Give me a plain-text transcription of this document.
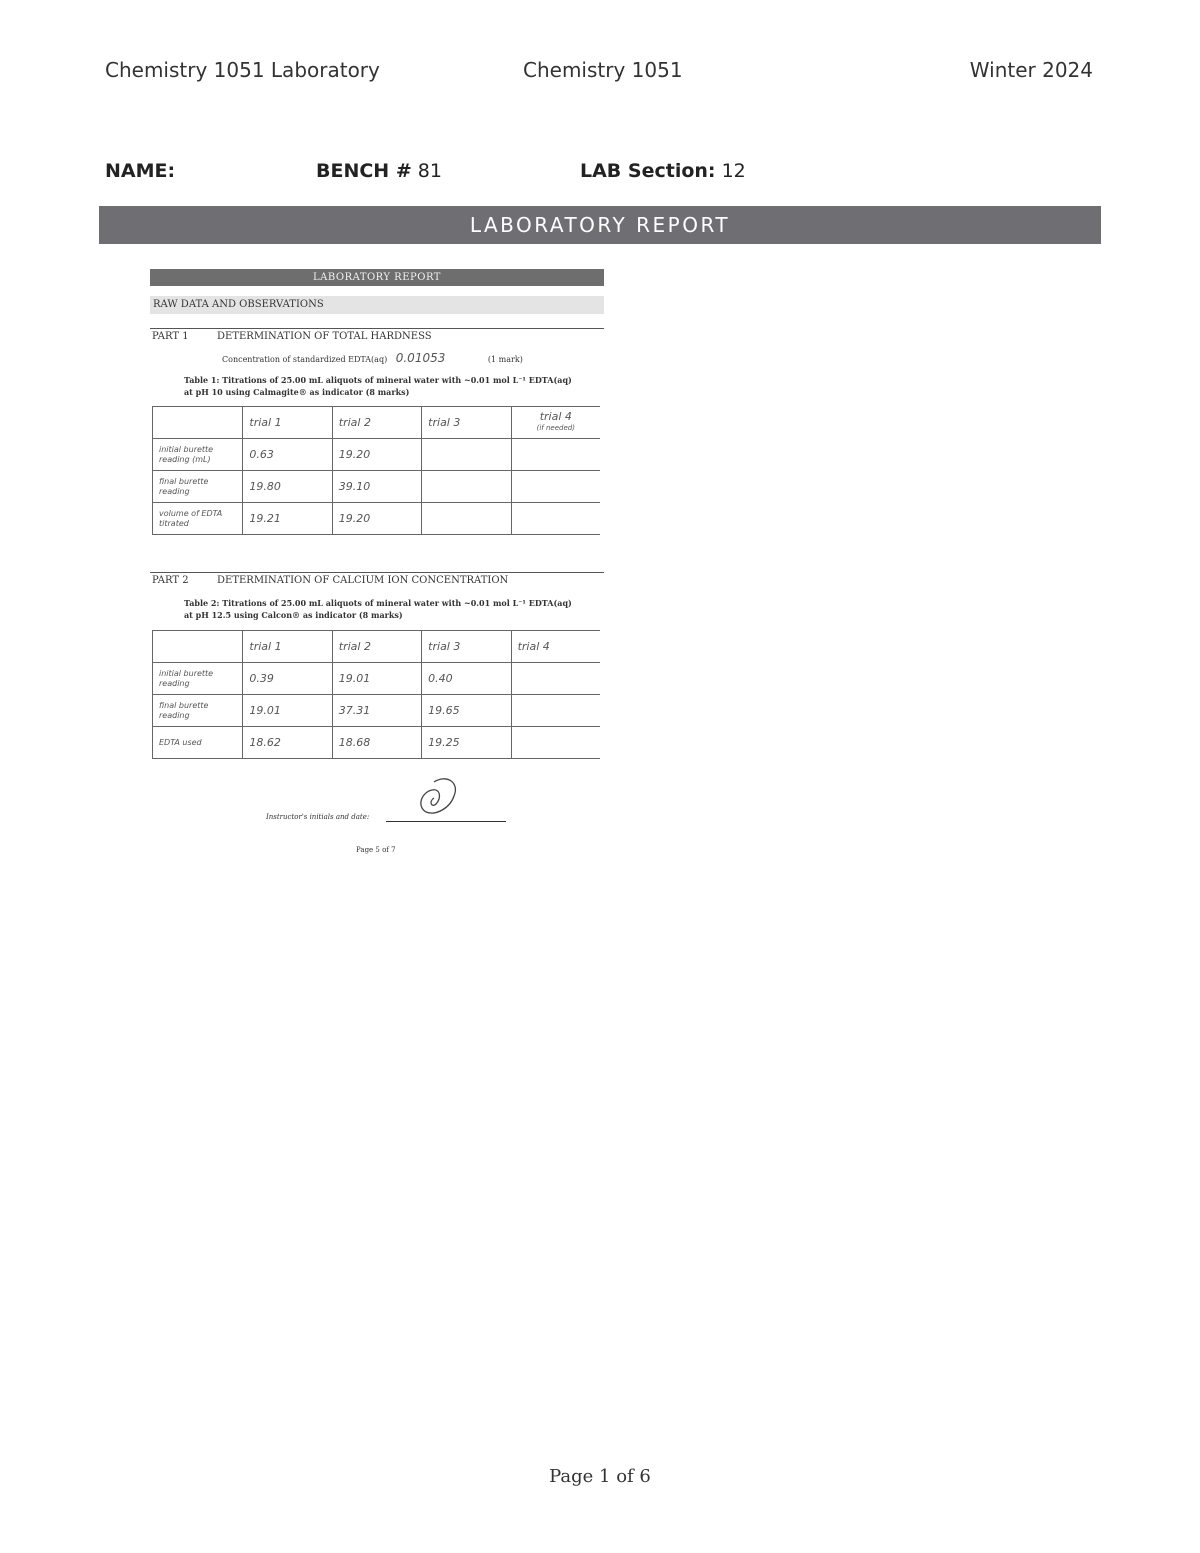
Chemistry 1051 Laboratory	Chemistry 1051	Winter 2024
NAME:	BENCH # 81	LAB Section: 12
LABORATORY REPORT
LABORATORY REPORT
RAW DATA AND OBSERVATIONS
PART 1	DETERMINATION OF TOTAL HARDNESS
Concentration of standardized EDTA(aq) 0.01053	(1 mark)
Table 1: Titrations of 25.00 mL aliquots of mineral water with ~0.01 mol L⁻¹ EDTA(aq)
at pH 10 using Calmagite® as indicator (8 marks)
	trial 1	trial 2	trial 3	trial 4
(if needed)
initial burette reading (mL)	0.63	19.20		
final burette reading	19.80	39.10		
volume of EDTA titrated	19.21	19.20		
PART 2	DETERMINATION OF CALCIUM ION CONCENTRATION
Table 2: Titrations of 25.00 mL aliquots of mineral water with ~0.01 mol L⁻¹ EDTA(aq)
at pH 12.5 using Calcon® as indicator (8 marks)
	trial 1	trial 2	trial 3	trial 4
initial burette reading	0.39	19.01	0.40	
final burette reading	19.01	37.31	19.65	
EDTA used	18.62	18.68	19.25	
Instructor's initials and date:
Page 5 of 7
Page 1 of 6
